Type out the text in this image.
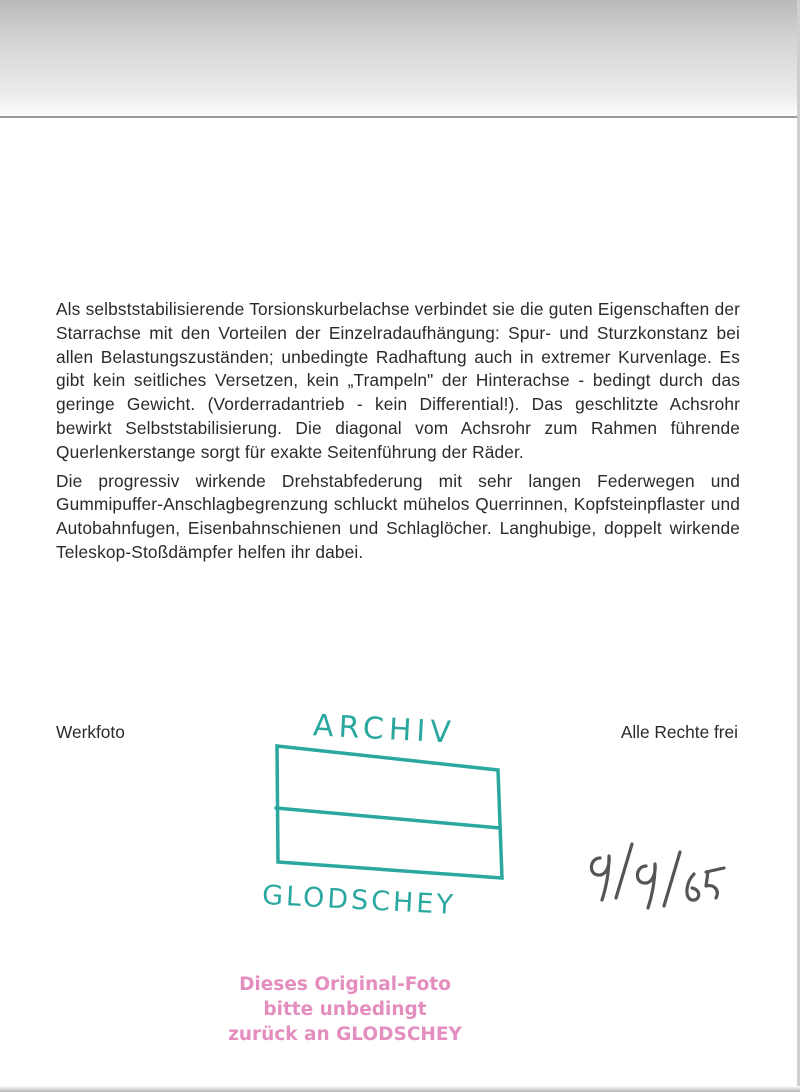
Als selbststabilisierende Torsionskurbelachse verbindet sie die guten Eigenschaften der Starrachse mit den Vorteilen der Einzelradaufhängung: Spur- und Sturzkonstanz bei allen Belastungszuständen; unbedingte Radhaftung auch in extremer Kurvenlage. Es gibt kein seitliches Versetzen, kein „Trampeln" der Hinterachse - bedingt durch das geringe Gewicht. (Vorderradantrieb - kein Differential!). Das geschlitzte Achsrohr bewirkt Selbststabilisierung. Die diagonal vom Achsrohr zum Rahmen führende Querlenkerstange sorgt für exakte Seitenführung der Räder.

Die progressiv wirkende Drehstabfederung mit sehr langen Federwegen und Gummipuffer-Anschlagbegrenzung schluckt mühelos Querrinnen, Kopfsteinpflaster und Autobahnfugen, Eisenbahnschienen und Schlaglöcher. Langhubige, doppelt wirkende Teleskop-Stoßdämpfer helfen ihr dabei.

Werkfoto	Alle Rechte frei
ARCHIV
GLODSCHEY
Dieses Original-Foto
bitte unbedingt
zurück an GLODSCHEY
